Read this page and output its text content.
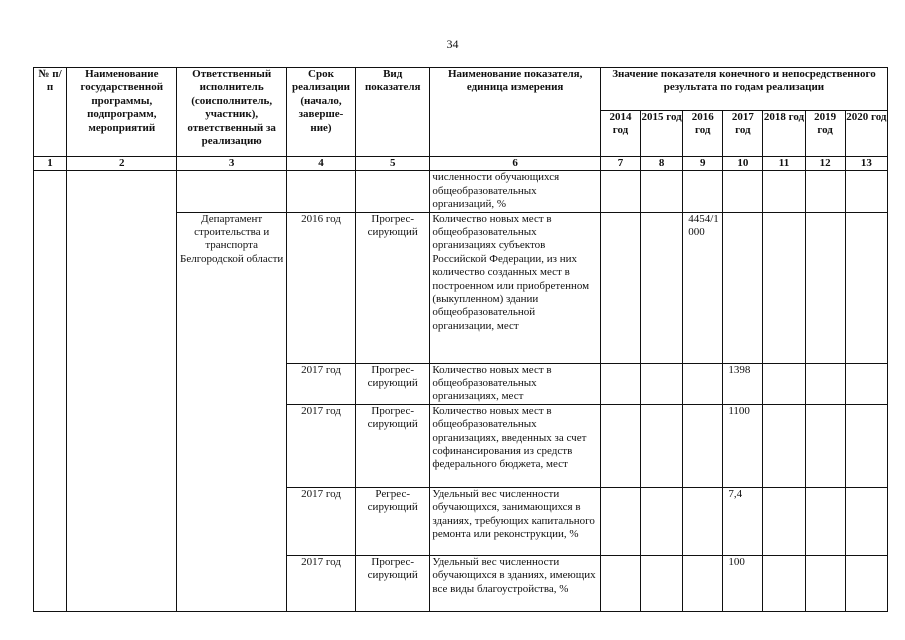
34
№ п/п	Наименование государственной программы, подпрограмм, мероприятий	Ответственный исполнитель (соисполнитель, участник), ответственный за реализацию	Срок реализации (начало, заверше-ние)	Вид показателя	Наименование показателя, единица измерения	Значение показателя конечного и непосредственного результата по годам реализации						
						2014 год	2015 год	2016 год	2017 год	2018 год	2019 год	2020 год
1	2	3	4	5	6	7	8	9	10	11	12	13
					численности обучающихся общеобразовательных организаций, %							
		Департамент строительства и транспорта Белгородской области	2016 год	Прогрес-сирующий	Количество новых мест в общеобразовательных организациях субъектов Российской Федерации, из них количество созданных мест в построенном или приобретенном (выкупленном) здании общеобразовательной организации, мест			4454/1000				
			2017 год	Прогрес-сирующий	Количество новых мест в общеобразовательных организациях, мест				1398			
			2017 год	Прогрес-сирующий	Количество новых мест в общеобразовательных организациях, введенных за счет софинансирования из средств федерального бюджета, мест				1100			
			2017 год	Регрес-сирующий	Удельный вес численности обучающихся, занимающихся в зданиях, требующих капитального ремонта или реконструкции, %				7,4			
			2017 год	Прогрес-сирующий	Удельный вес численности обучающихся в зданиях, имеющих все виды благоустройства, %				100			
